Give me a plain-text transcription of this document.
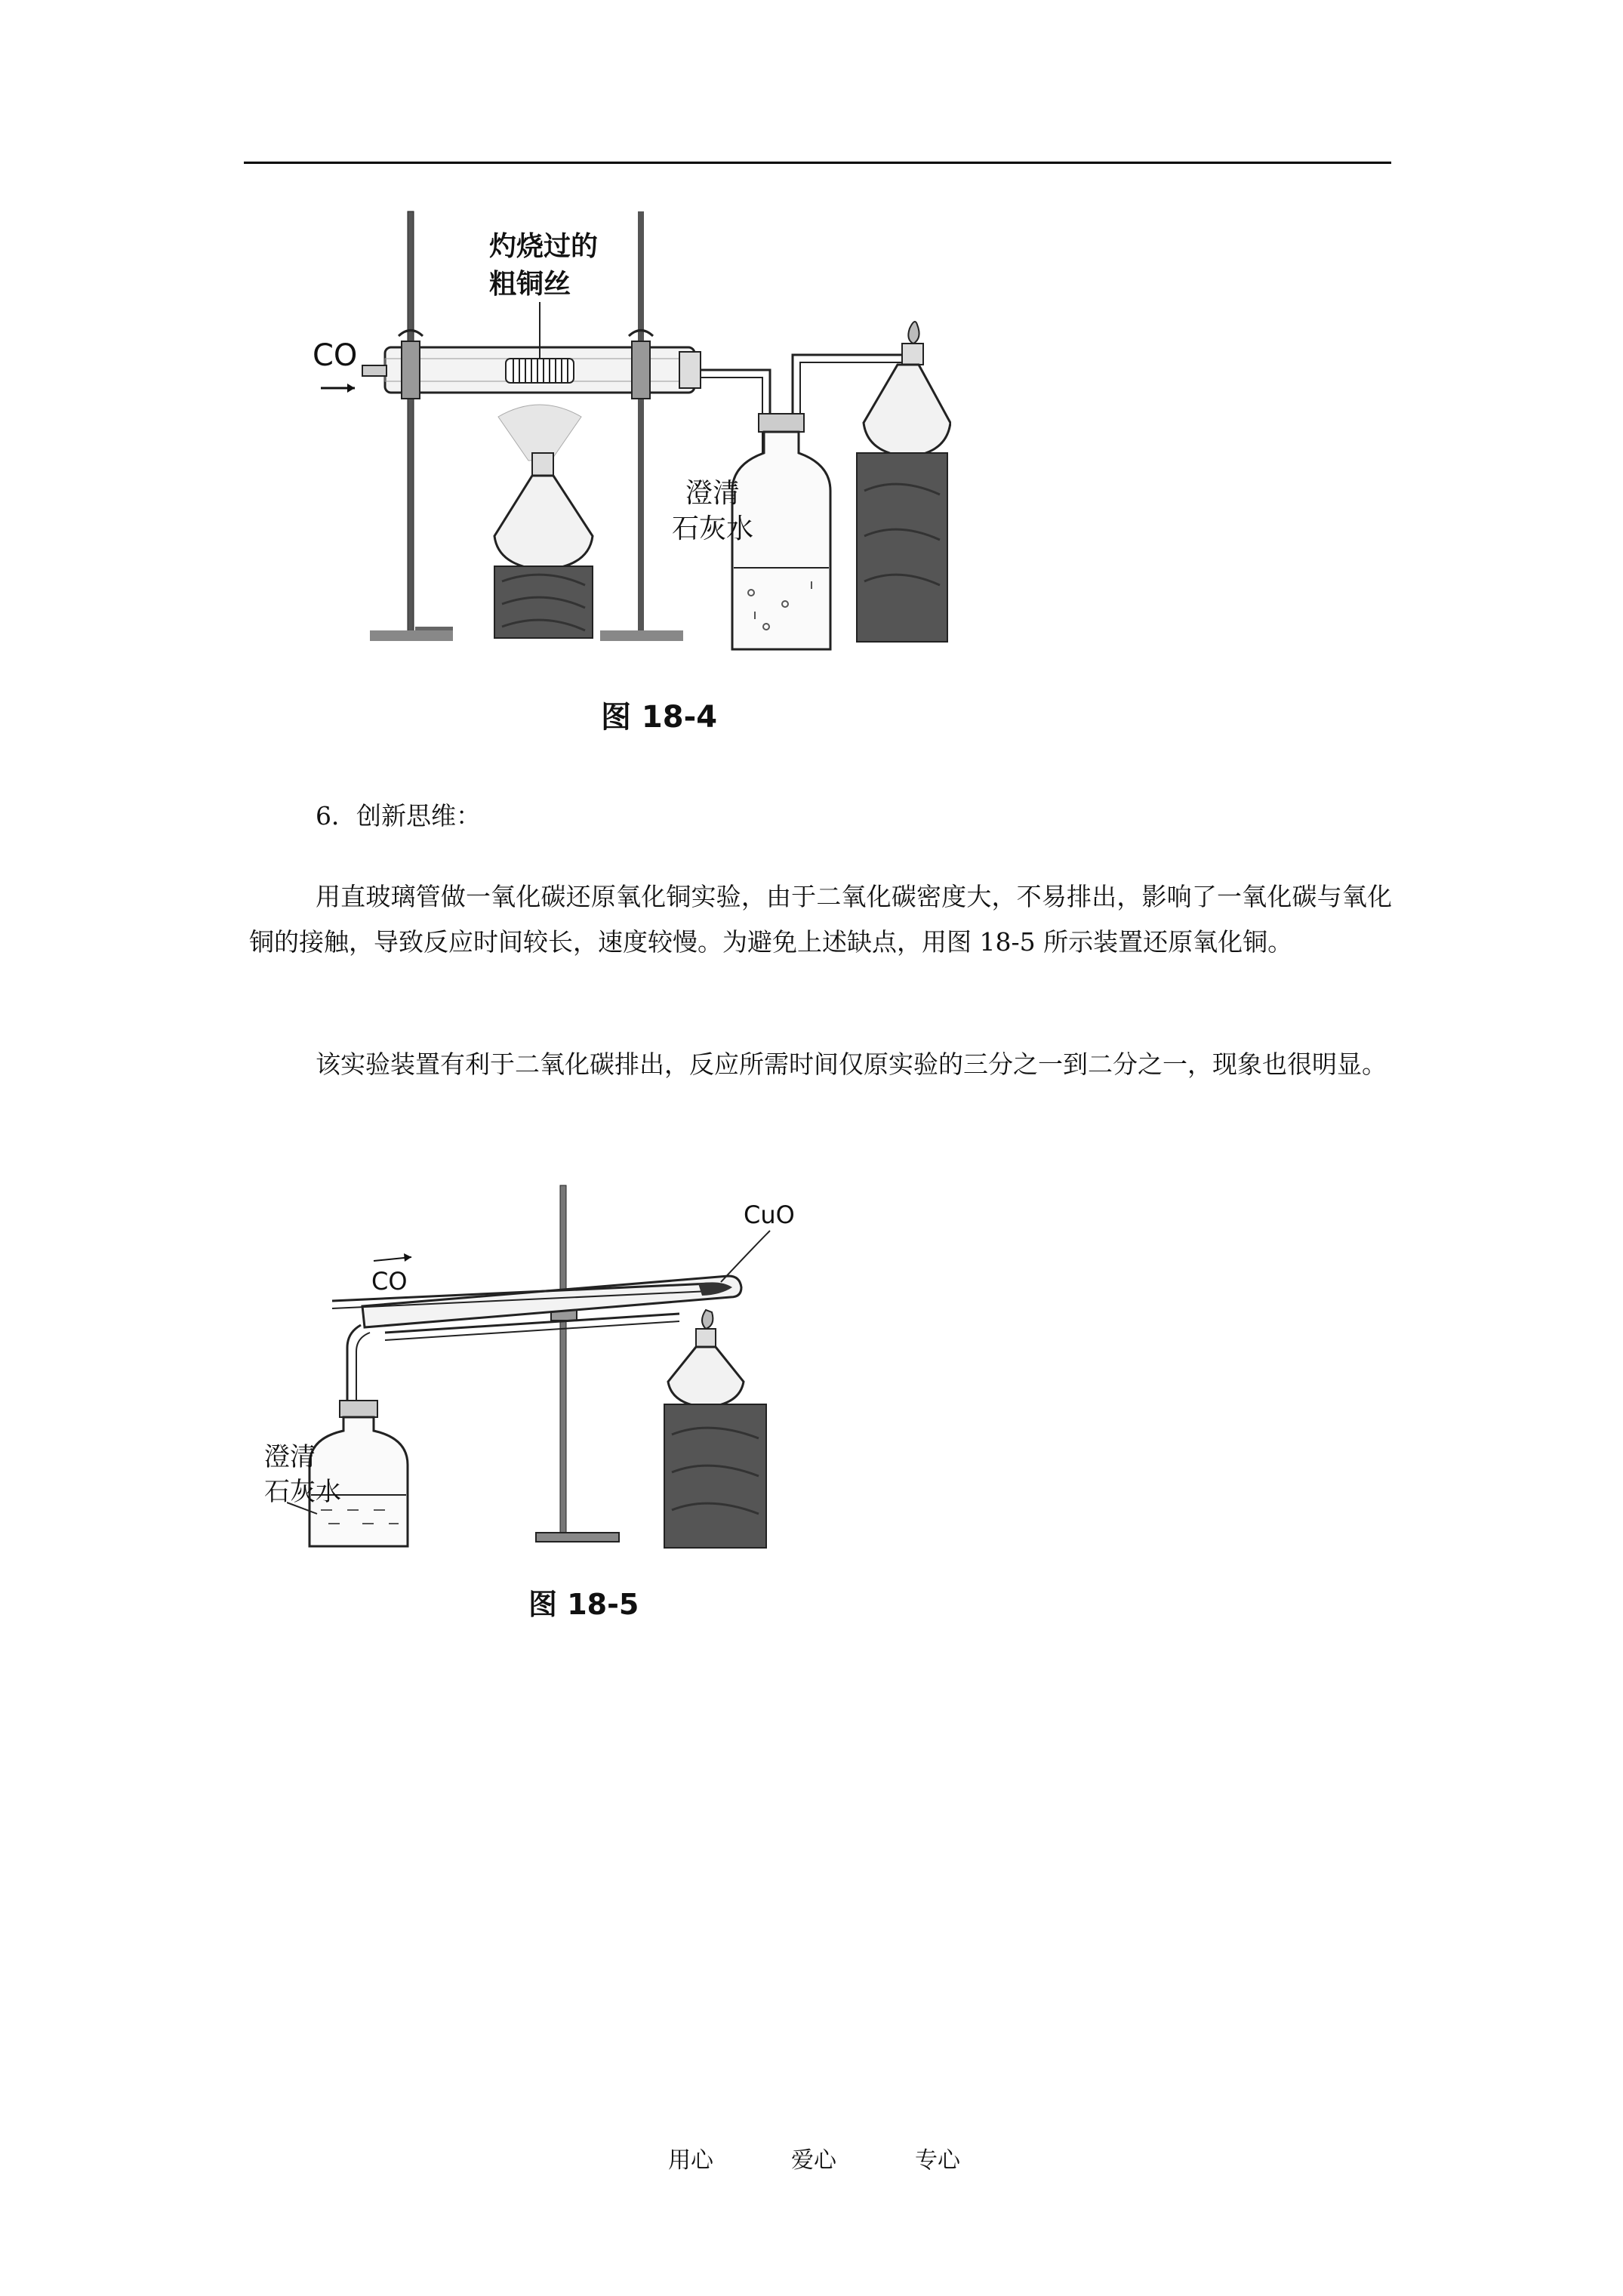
CO
灼烧过的
粗铜丝
澄清
石灰水
图 18-4

6．创新思维：

用直玻璃管做一氧化碳还原氧化铜实验，由于二氧化碳密度大，不易排出，影响了一氧化碳与氧化铜的接触，导致反应时间较长，速度较慢。为避免上述缺点，用图 18-5 所示装置还原氧化铜。

该实验装置有利于二氧化碳排出，反应所需时间仅原实验的三分之一到二分之一，现象也很明显。

CO
CuO
澄清
石灰水
图 18-5
用心	爱心	专心
